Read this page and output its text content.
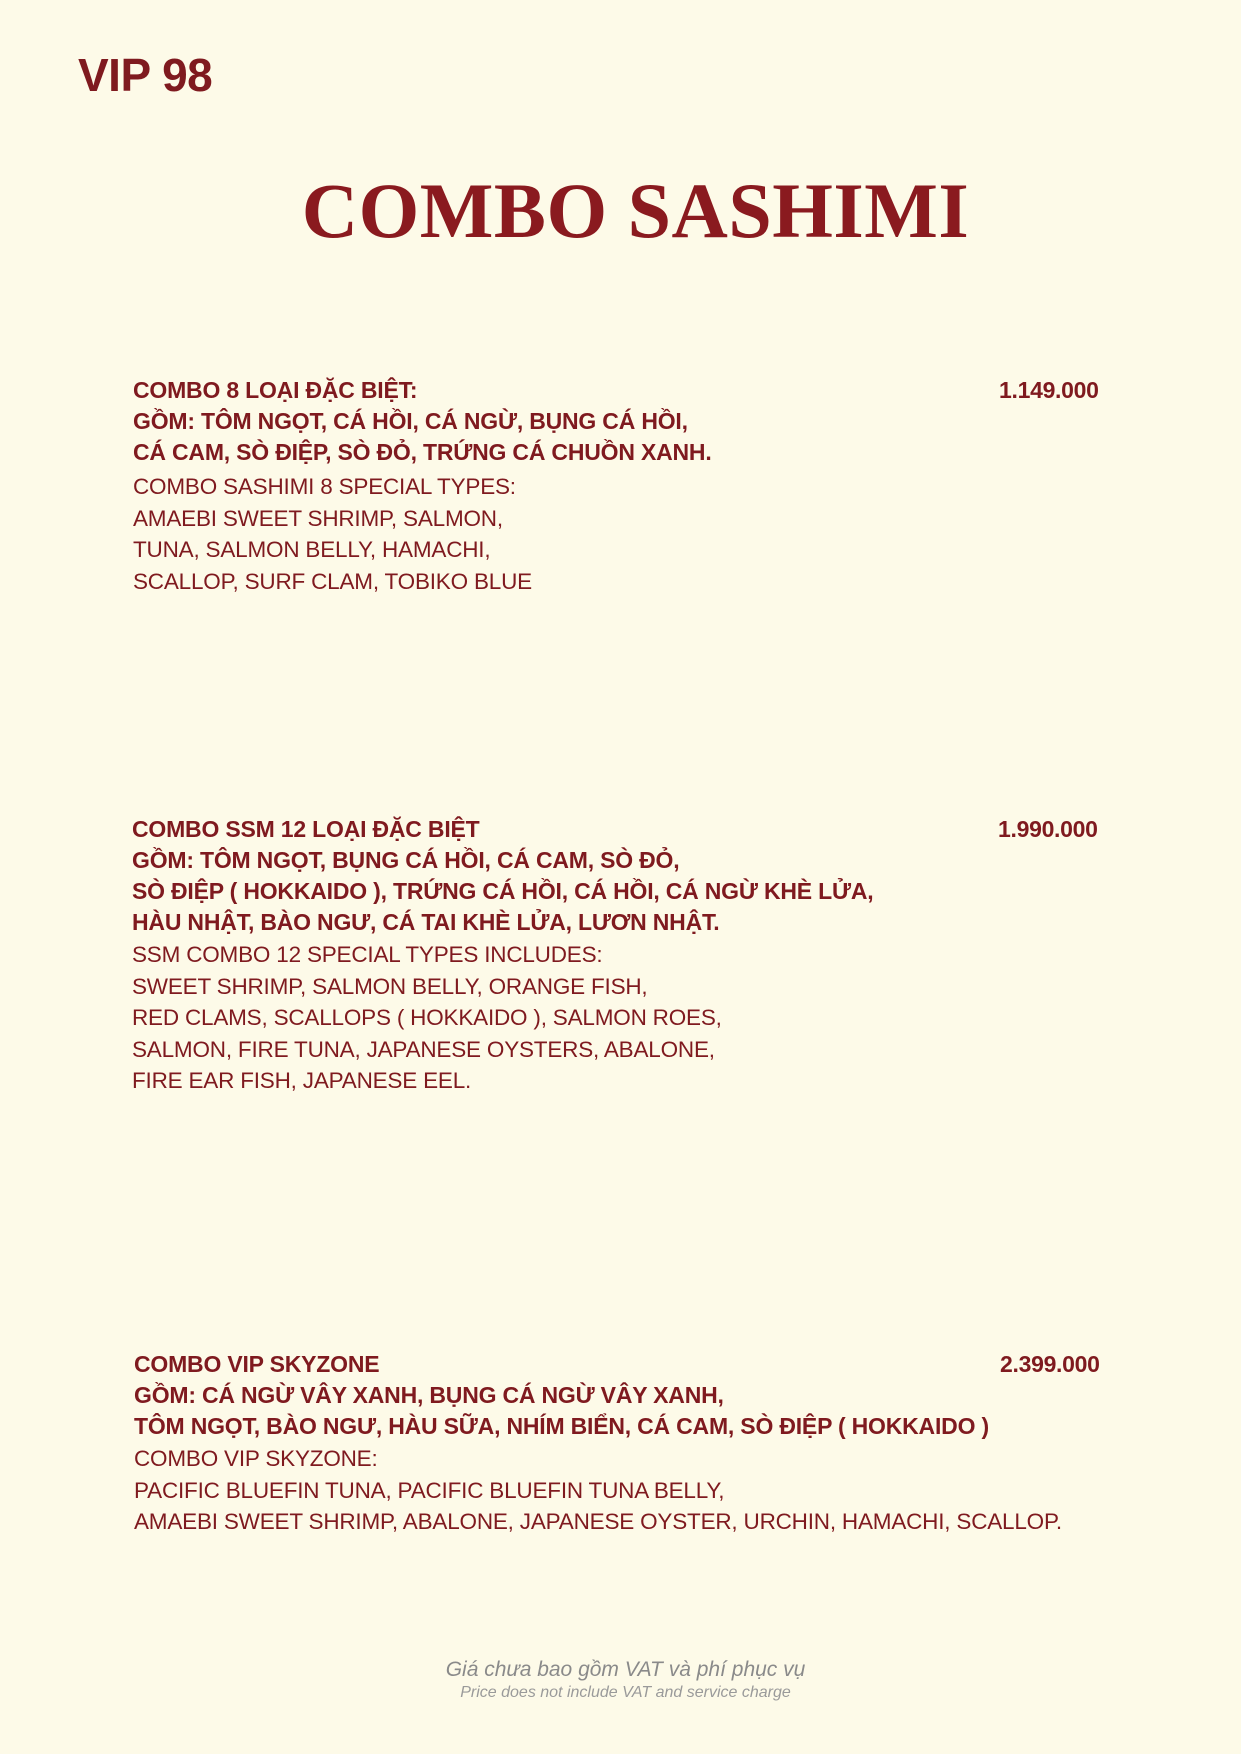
VIP 98
COMBO SASHIMI
COMBO 8 LOẠI ĐẶC BIỆT:	1.149.000
GỒM: TÔM NGỌT, CÁ HỒI, CÁ NGỪ, BỤNG CÁ HỒI,
CÁ CAM, SÒ ĐIỆP, SÒ ĐỎ, TRỨNG CÁ CHUỒN XANH.
COMBO SASHIMI 8 SPECIAL TYPES:
AMAEBI SWEET SHRIMP, SALMON,
TUNA, SALMON BELLY, HAMACHI,
SCALLOP, SURF CLAM, TOBIKO BLUE
COMBO SSM 12 LOẠI ĐẶC BIỆT	1.990.000
GỒM: TÔM NGỌT, BỤNG CÁ HỒI, CÁ CAM, SÒ ĐỎ,
SÒ ĐIỆP ( HOKKAIDO ), TRỨNG CÁ HỒI, CÁ HỒI, CÁ NGỪ KHÈ LỬA,
HÀU NHẬT, BÀO NGƯ, CÁ TAI KHÈ LỬA, LƯƠN NHẬT.
SSM COMBO 12 SPECIAL TYPES INCLUDES:
SWEET SHRIMP, SALMON BELLY, ORANGE FISH,
RED CLAMS, SCALLOPS ( HOKKAIDO ), SALMON ROES,
SALMON, FIRE TUNA, JAPANESE OYSTERS, ABALONE,
FIRE EAR FISH, JAPANESE EEL.
COMBO VIP SKYZONE	2.399.000
GỒM: CÁ NGỪ VÂY XANH, BỤNG CÁ NGỪ VÂY XANH,
TÔM NGỌT, BÀO NGƯ, HÀU SỮA, NHÍM BIỂN, CÁ CAM, SÒ ĐIỆP ( HOKKAIDO )
COMBO VIP SKYZONE:
PACIFIC BLUEFIN TUNA, PACIFIC BLUEFIN TUNA BELLY,
AMAEBI SWEET SHRIMP, ABALONE, JAPANESE OYSTER, URCHIN, HAMACHI, SCALLOP.
Giá chưa bao gồm VAT và phí phục vụ
Price does not include VAT and service charge
